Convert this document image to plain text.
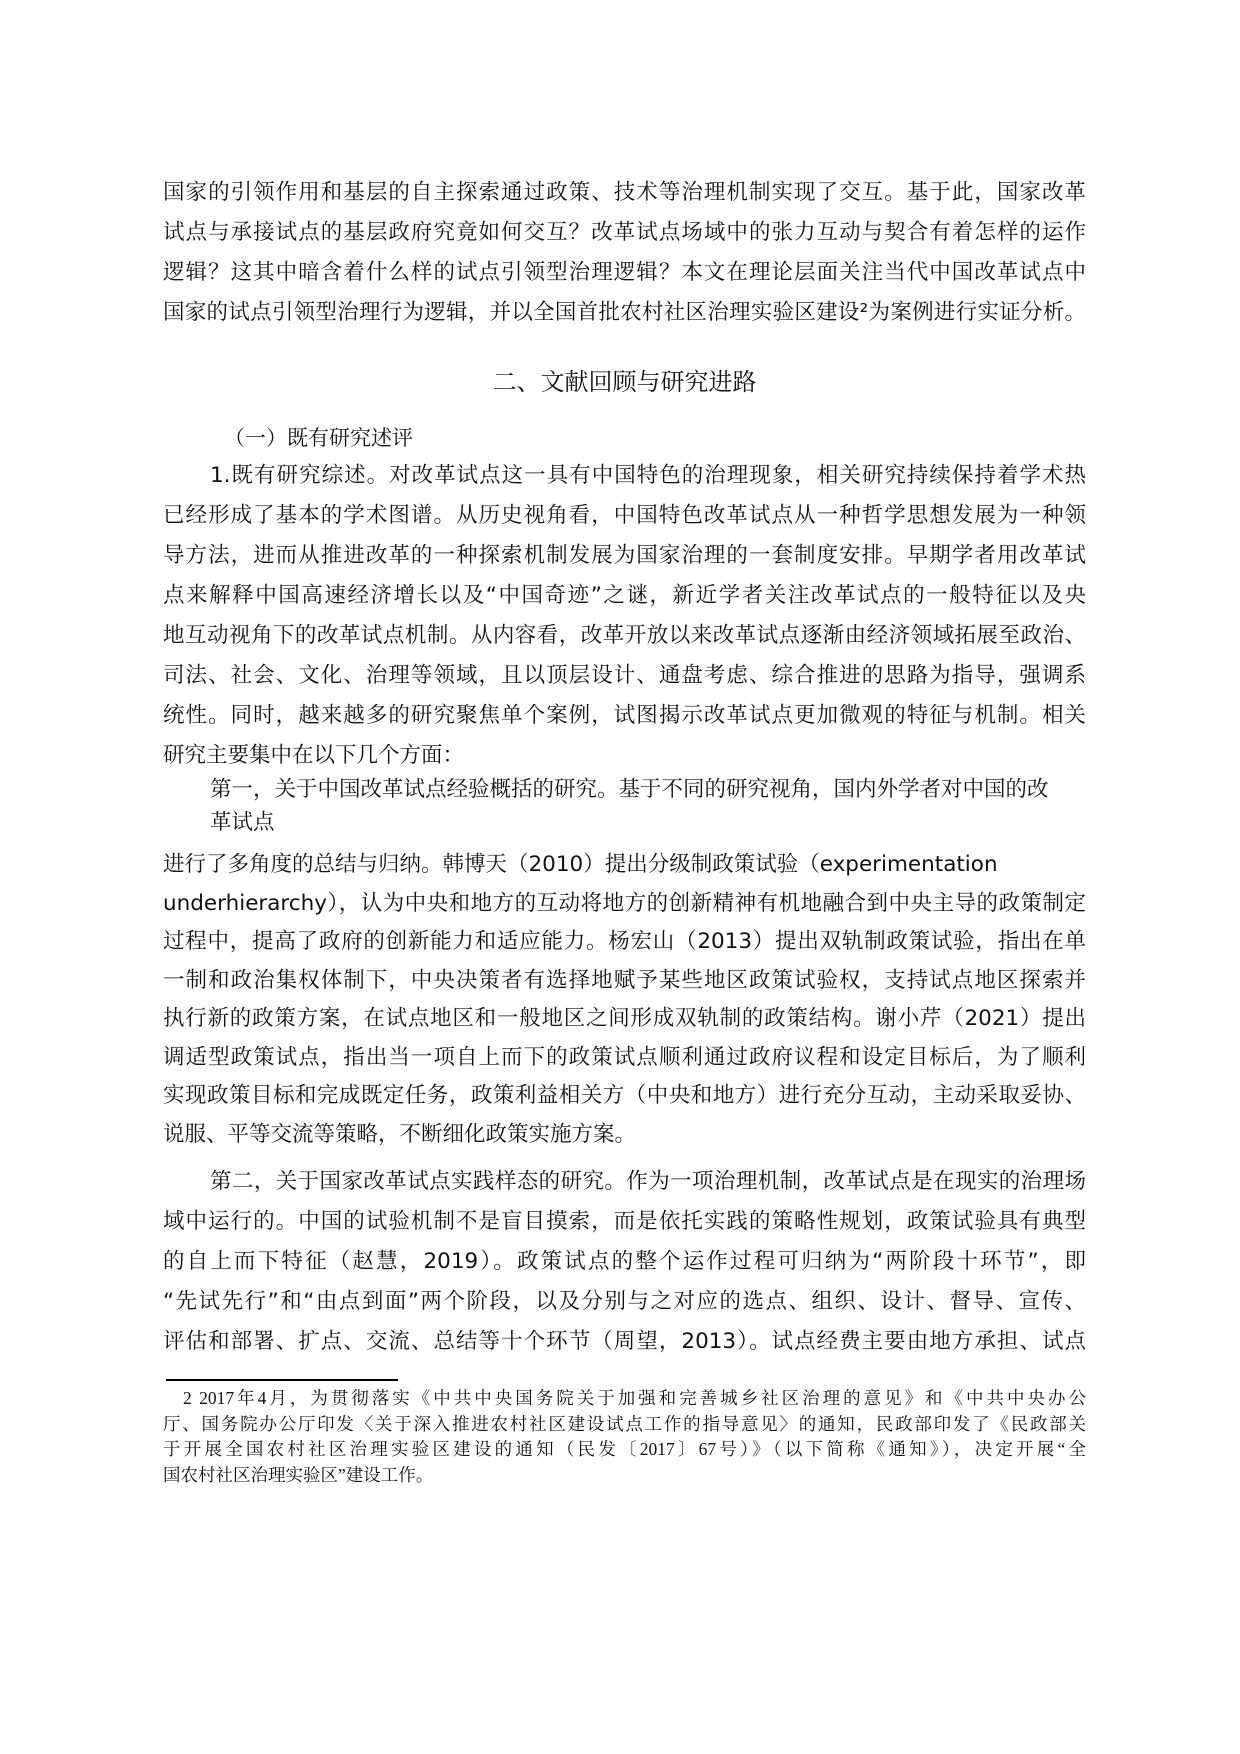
国家的引领作用和基层的自主探索通过政策、技术等治理机制实现了交互。基于此，国家改革
试点与承接试点的基层政府究竟如何交互？改革试点场域中的张力互动与契合有着怎样的运作
逻辑？这其中暗含着什么样的试点引领型治理逻辑？本文在理论层面关注当代中国改革试点中
国家的试点引领型治理行为逻辑，并以全国首批农村社区治理实验区建设²为案例进行实证分析。
二、文献回顾与研究进路
（一）既有研究述评
1.既有研究综述。对改革试点这一具有中国特色的治理现象，相关研究持续保持着学术热
已经形成了基本的学术图谱。从历史视角看，中国特色改革试点从一种哲学思想发展为一种领
导方法，进而从推进改革的一种探索机制发展为国家治理的一套制度安排。早期学者用改革试
点来解释中国高速经济增长以及“中国奇迹”之谜，新近学者关注改革试点的一般特征以及央
地互动视角下的改革试点机制。从内容看，改革开放以来改革试点逐渐由经济领域拓展至政治、
司法、社会、文化、治理等领域，且以顶层设计、通盘考虑、综合推进的思路为指导，强调系
统性。同时，越来越多的研究聚焦单个案例，试图揭示改革试点更加微观的特征与机制。相关
研究主要集中在以下几个方面：
第一，关于中国改革试点经验概括的研究。基于不同的研究视角，国内外学者对中国的改
革试点
进行了多角度的总结与归纳。韩博天（2010）提出分级制政策试验（experimentation
underhierarchy），认为中央和地方的互动将地方的创新精神有机地融合到中央主导的政策制定
过程中，提高了政府的创新能力和适应能力。杨宏山（2013）提出双轨制政策试验，指出在单
一制和政治集权体制下，中央决策者有选择地赋予某些地区政策试验权，支持试点地区探索并
执行新的政策方案，在试点地区和一般地区之间形成双轨制的政策结构。谢小芹（2021）提出
调适型政策试点，指出当一项自上而下的政策试点顺利通过政府议程和设定目标后，为了顺利
实现政策目标和完成既定任务，政策利益相关方（中央和地方）进行充分互动，主动采取妥协、
说服、平等交流等策略，不断细化政策实施方案。
第二，关于国家改革试点实践样态的研究。作为一项治理机制，改革试点是在现实的治理场
域中运行的。中国的试验机制不是盲目摸索，而是依托实践的策略性规划，政策试验具有典型
的自上而下特征（赵慧，2019）。政策试点的整个运作过程可归纳为“两阶段十环节”，即
“先试先行”和“由点到面”两个阶段，以及分别与之对应的选点、组织、设计、督导、宣传、
评估和部署、扩点、交流、总结等十个环节（周望，2013）。试点经费主要由地方承担、试点
2 2017年4月，为贯彻落实《中共中央国务院关于加强和完善城乡社区治理的意见》和《中共中央办公
厅、国务院办公厅印发〈关于深入推进农村社区建设试点工作的指导意见〉的通知，民政部印发了《民政部关
于开展全国农村社区治理实验区建设的通知（民发〔2017〕67号）》（以下简称《通知》），决定开展“全
国农村社区治理实验区”建设工作。
